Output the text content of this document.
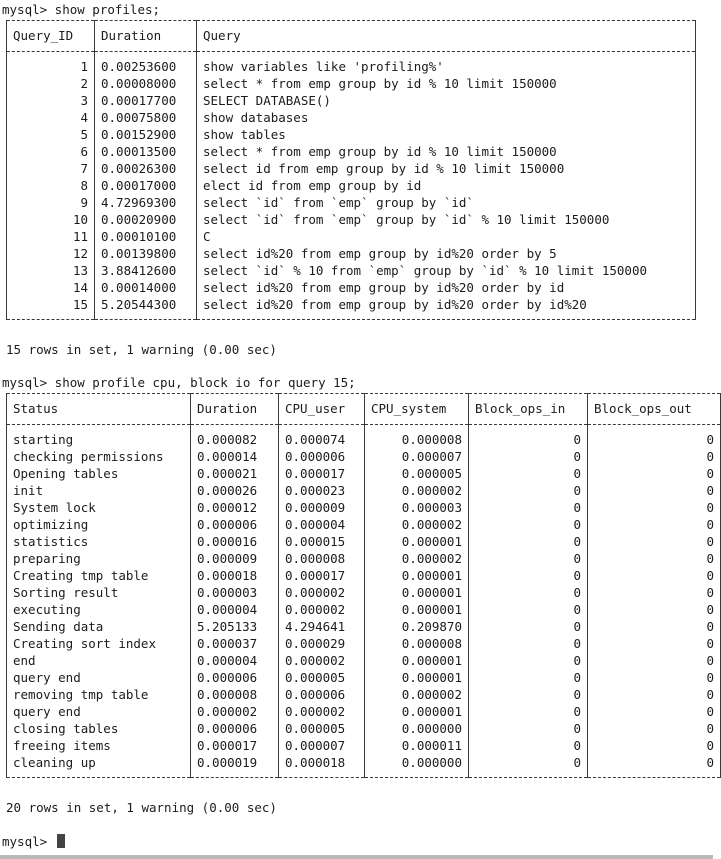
mysql> show profiles;
Query_ID	Duration	Query
1	0.00253600	show variables like 'profiling%'
2	0.00008000	select * from emp group by id % 10 limit 150000
3	0.00017700	SELECT DATABASE()
4	0.00075800	show databases
5	0.00152900	show tables
6	0.00013500	select * from emp group by id % 10 limit 150000
7	0.00026300	select id from emp group by id % 10 limit 150000
8	0.00017000	elect id from emp group by id
9	4.72969300	select `id` from `emp` group by `id`
10	0.00020900	select `id` from `emp` group by `id` % 10 limit 150000
11	0.00010100	C
12	0.00139800	select id%20 from emp group by id%20 order by 5
13	3.88412600	select `id` % 10 from `emp` group by `id` % 10 limit 150000
14	0.00014000	select id%20 from emp group by id%20 order by id
15	5.20544300	select id%20 from emp group by id%20 order by id%20
15 rows in set, 1 warning (0.00 sec)
mysql> show profile cpu, block io for query 15;
Status	Duration	CPU_user	CPU_system	Block_ops_in	Block_ops_out
starting	0.000082	0.000074	0.000008	0	0
checking permissions	0.000014	0.000006	0.000007	0	0
Opening tables	0.000021	0.000017	0.000005	0	0
init	0.000026	0.000023	0.000002	0	0
System lock	0.000012	0.000009	0.000003	0	0
optimizing	0.000006	0.000004	0.000002	0	0
statistics	0.000016	0.000015	0.000001	0	0
preparing	0.000009	0.000008	0.000002	0	0
Creating tmp table	0.000018	0.000017	0.000001	0	0
Sorting result	0.000003	0.000002	0.000001	0	0
executing	0.000004	0.000002	0.000001	0	0
Sending data	5.205133	4.294641	0.209870	0	0
Creating sort index	0.000037	0.000029	0.000008	0	0
end	0.000004	0.000002	0.000001	0	0
query end	0.000006	0.000005	0.000001	0	0
removing tmp table	0.000008	0.000006	0.000002	0	0
query end	0.000002	0.000002	0.000001	0	0
closing tables	0.000006	0.000005	0.000000	0	0
freeing items	0.000017	0.000007	0.000011	0	0
cleaning up	0.000019	0.000018	0.000000	0	0
20 rows in set, 1 warning (0.00 sec)
mysql>
